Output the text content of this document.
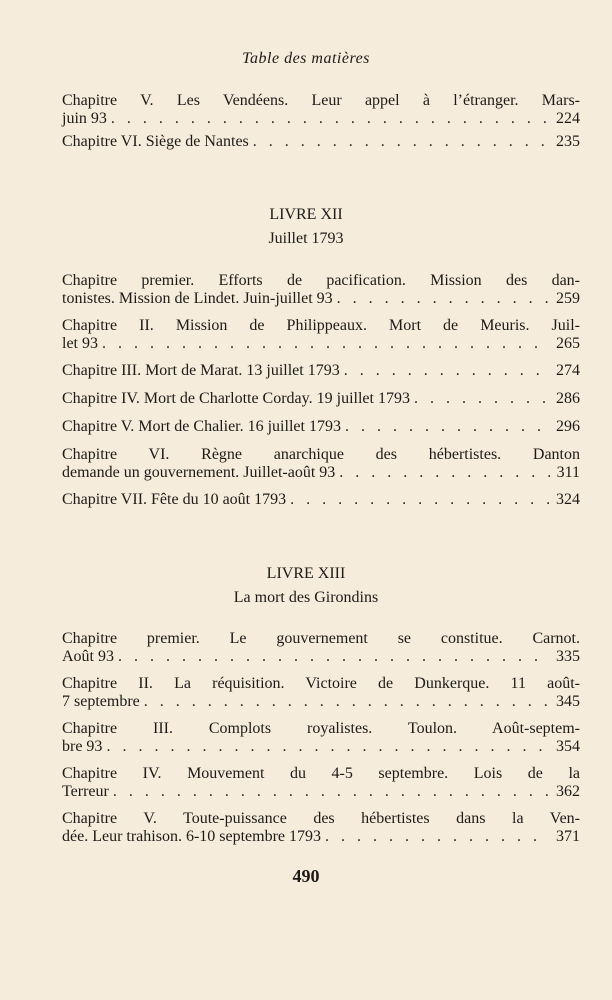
Table des matières
Chapitre V. Les Vendéens. Leur appel à l’étranger. Mars-
juin 93 . . .	224
Chapitre VI. Siège de Nantes . . .	235
LIVRE XII
Juillet 1793
Chapitre premier. Efforts de pacification. Mission des dan-
tonistes. Mission de Lindet. Juin-juillet 93 . . .	259
Chapitre II. Mission de Philippeaux. Mort de Meuris. Juil-
let 93 . . .	265
Chapitre III. Mort de Marat. 13 juillet 1793 . . .	274
Chapitre IV. Mort de Charlotte Corday. 19 juillet 1793 . . .	286
Chapitre V. Mort de Chalier. 16 juillet 1793 . . .	296
Chapitre VI. Règne anarchique des hébertistes. Danton
demande un gouvernement. Juillet-août 93 . . .	311
Chapitre VII. Fête du 10 août 1793 . . .	324
LIVRE XIII
La mort des Girondins
Chapitre premier. Le gouvernement se constitue. Carnot.
Août 93 . . .	335
Chapitre II. La réquisition. Victoire de Dunkerque. 11 août-
7 septembre . . .	345
Chapitre III. Complots royalistes. Toulon. Août-septem-
bre 93 . . .	354
Chapitre IV. Mouvement du 4-5 septembre. Lois de la
Terreur . . .	362
Chapitre V. Toute-puissance des hébertistes dans la Ven-
dée. Leur trahison. 6-10 septembre 1793 . . .	371
490
